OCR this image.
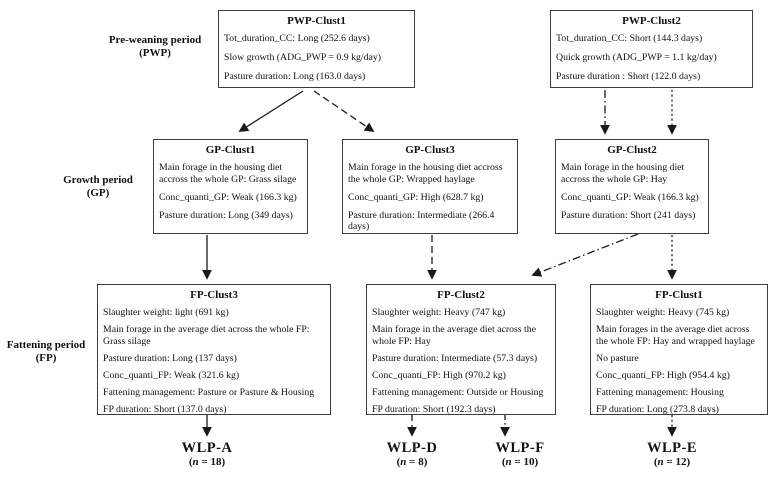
Pre-weaning period
(PWP)
Growth period
(GP)
Fattening period
(FP)
PWP-Clust1

Tot_duration_CC: Long (252.6 days)

Slow growth (ADG_PWP = 0.9 kg/day)

Pasture duration: Long (163.0 days)

PWP-Clust2

Tot_duration_CC: Short (144.3 days)

Quick growth (ADG_PWP = 1.1 kg/day)

Pasture duration : Short (122.0 days)

GP-Clust1

Main forage in the housing diet accross the whole GP: Grass silage

Conc_quanti_GP: Weak (166.3 kg)

Pasture duration: Long (349 days)

GP-Clust3

Main forage in the housing diet accross the whole GP: Wrapped haylage

Conc_quanti_GP: High (628.7 kg)

Pasture duration: Intermediate (266.4 days)

GP-Clust2

Main forage in the housing diet accross the whole GP: Hay

Conc_quanti_GP: Weak (166.3 kg)

Pasture duration: Short (241 days)

FP-Clust3

Slaughter weight: light (691 kg)

Main forage in the average diet across the whole FP: Grass silage

Pasture duration: Long (137 days)

Conc_quanti_FP: Weak (321.6 kg)

Fattening management: Pasture or Pasture & Housing

FP duration: Short (137.0 days)

FP-Clust2

Slaughter weight: Heavy (747 kg)

Main forage in the average diet across the whole FP: Hay

Pasture duration: Intermediate (57.3 days)

Conc_quanti_FP: High (970.2 kg)

Fattening management: Outside or Housing

FP duration: Short (192.3 days)

FP-Clust1

Slaughter weight: Heavy (745 kg)

Main forages in the average diet across the whole FP: Hay and wrapped haylage

No pasture

Conc_quanti_FP: High (954.4 kg)

Fattening management: Housing

FP duration: Long (273.8 days)

WLP-A
(n = 18)
WLP-D
(n = 8)
WLP-F
(n = 10)
WLP-E
(n = 12)
